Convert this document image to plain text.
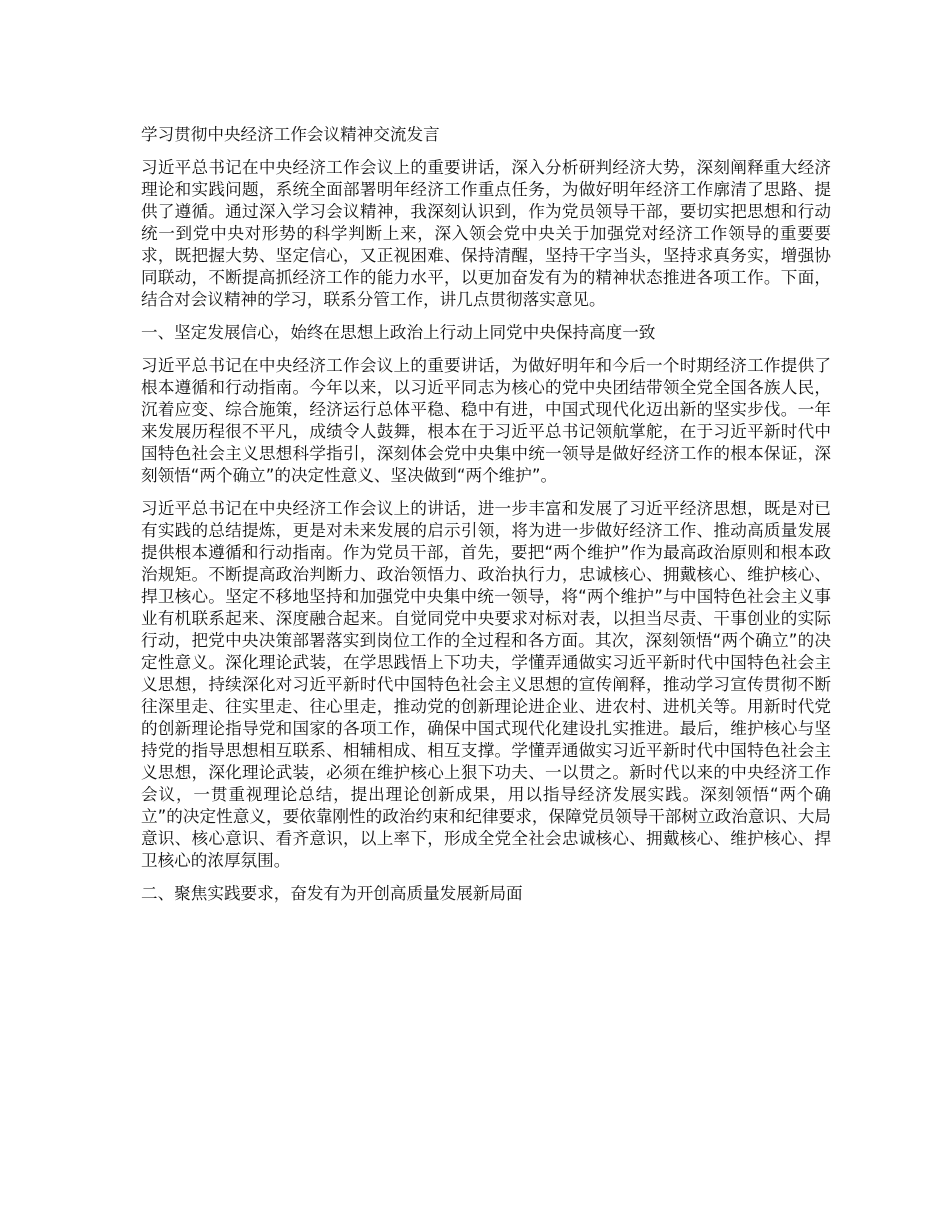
学习贯彻中央经济工作会议精神交流发言

习近平总书记在中央经济工作会议上的重要讲话，深入分析研判经济大势，深刻阐释重大经济理论和实践问题，系统全面部署明年经济工作重点任务，为做好明年经济工作廓清了思路、提供了遵循。通过深入学习会议精神，我深刻认识到，作为党员领导干部，要切实把思想和行动统一到党中央对形势的科学判断上来，深入领会党中央关于加强党对经济工作领导的重要要求，既把握大势、坚定信心，又正视困难、保持清醒，坚持干字当头，坚持求真务实，增强协同联动，不断提高抓经济工作的能力水平，以更加奋发有为的精神状态推进各项工作。下面，结合对会议精神的学习，联系分管工作，讲几点贯彻落实意见。

一、坚定发展信心，始终在思想上政治上行动上同党中央保持高度一致

习近平总书记在中央经济工作会议上的重要讲话，为做好明年和今后一个时期经济工作提供了根本遵循和行动指南。今年以来，以习近平同志为核心的党中央团结带领全党全国各族人民，沉着应变、综合施策，经济运行总体平稳、稳中有进，中国式现代化迈出新的坚实步伐。一年来发展历程很不平凡，成绩令人鼓舞，根本在于习近平总书记领航掌舵，在于习近平新时代中国特色社会主义思想科学指引，深刻体会党中央集中统一领导是做好经济工作的根本保证，深刻领悟“两个确立”的决定性意义、坚决做到“两个维护”。

习近平总书记在中央经济工作会议上的讲话，进一步丰富和发展了习近平经济思想，既是对已有实践的总结提炼，更是对未来发展的启示引领，将为进一步做好经济工作、推动高质量发展提供根本遵循和行动指南。作为党员干部，首先，要把“两个维护”作为最高政治原则和根本政治规矩。不断提高政治判断力、政治领悟力、政治执行力，忠诚核心、拥戴核心、维护核心、捍卫核心。坚定不移地坚持和加强党中央集中统一领导，将“两个维护”与中国特色社会主义事业有机联系起来、深度融合起来。自觉同党中央要求对标对表，以担当尽责、干事创业的实际行动，把党中央决策部署落实到岗位工作的全过程和各方面。其次，深刻领悟“两个确立”的决定性意义。深化理论武装，在学思践悟上下功夫，学懂弄通做实习近平新时代中国特色社会主义思想，持续深化对习近平新时代中国特色社会主义思想的宣传阐释，推动学习宣传贯彻不断往深里走、往实里走、往心里走，推动党的创新理论进企业、进农村、进机关等。用新时代党的创新理论指导党和国家的各项工作，确保中国式现代化建设扎实推进。最后，维护核心与坚持党的指导思想相互联系、相辅相成、相互支撑。学懂弄通做实习近平新时代中国特色社会主义思想，深化理论武装，必须在维护核心上狠下功夫、一以贯之。新时代以来的中央经济工作会议，一贯重视理论总结，提出理论创新成果，用以指导经济发展实践。深刻领悟“两个确立”的决定性意义，要依靠刚性的政治约束和纪律要求，保障党员领导干部树立政治意识、大局意识、核心意识、看齐意识，以上率下，形成全党全社会忠诚核心、拥戴核心、维护核心、捍卫核心的浓厚氛围。

二、聚焦实践要求，奋发有为开创高质量发展新局面
